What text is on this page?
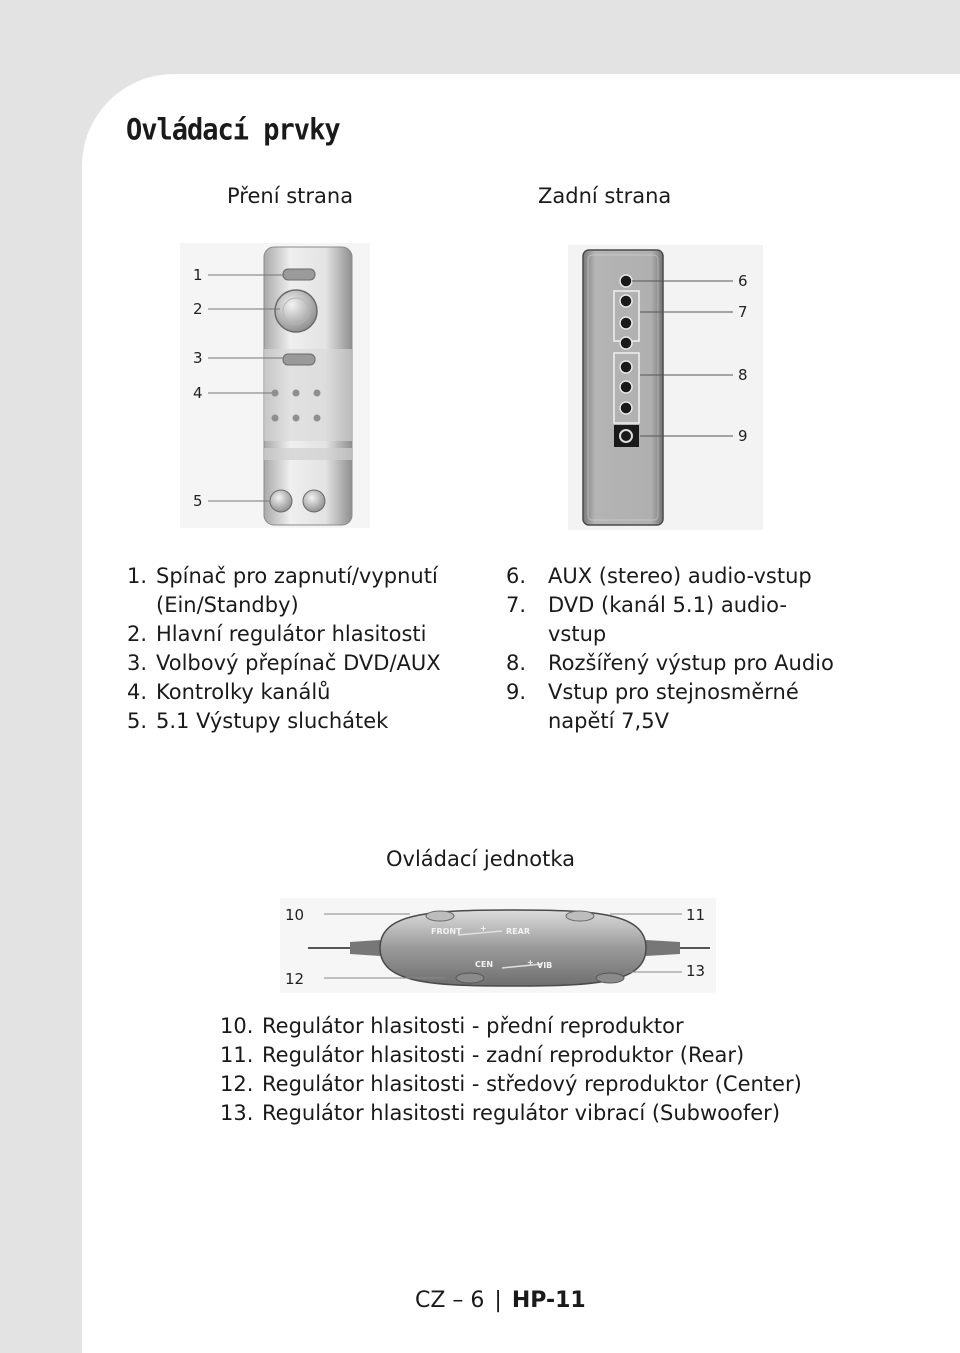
Ovládací prvky
Pření strana	Zadní strana
1
2
3
4
5
6
7
8
9
1. Spínač pro zapnutí/vypnutí (Ein/Standby)
2. Hlavní regulátor hlasitosti
3. Volbový přepínač DVD/AUX
4. Kontrolky kanálů
5. 5.1 Výstupy sluchátek
6.	AUX (stereo) audio-vstup
7.	DVD (kanál 5.1) audio-vstup
8.	Rozšířený výstup pro Audio
9.	Vstup pro stejnosměrné napětí 7,5V
Ovládací jednotka
FRONT + REAR
CEN	+ VIB
10	11
12	13
10. Regulátor hlasitosti - přední reproduktor
11. Regulátor hlasitosti - zadní reproduktor (Rear)
12. Regulátor hlasitosti - středový reproduktor (Center)
13. Regulátor hlasitosti regulátor vibrací (Subwoofer)
CZ – 6 | HP-11
